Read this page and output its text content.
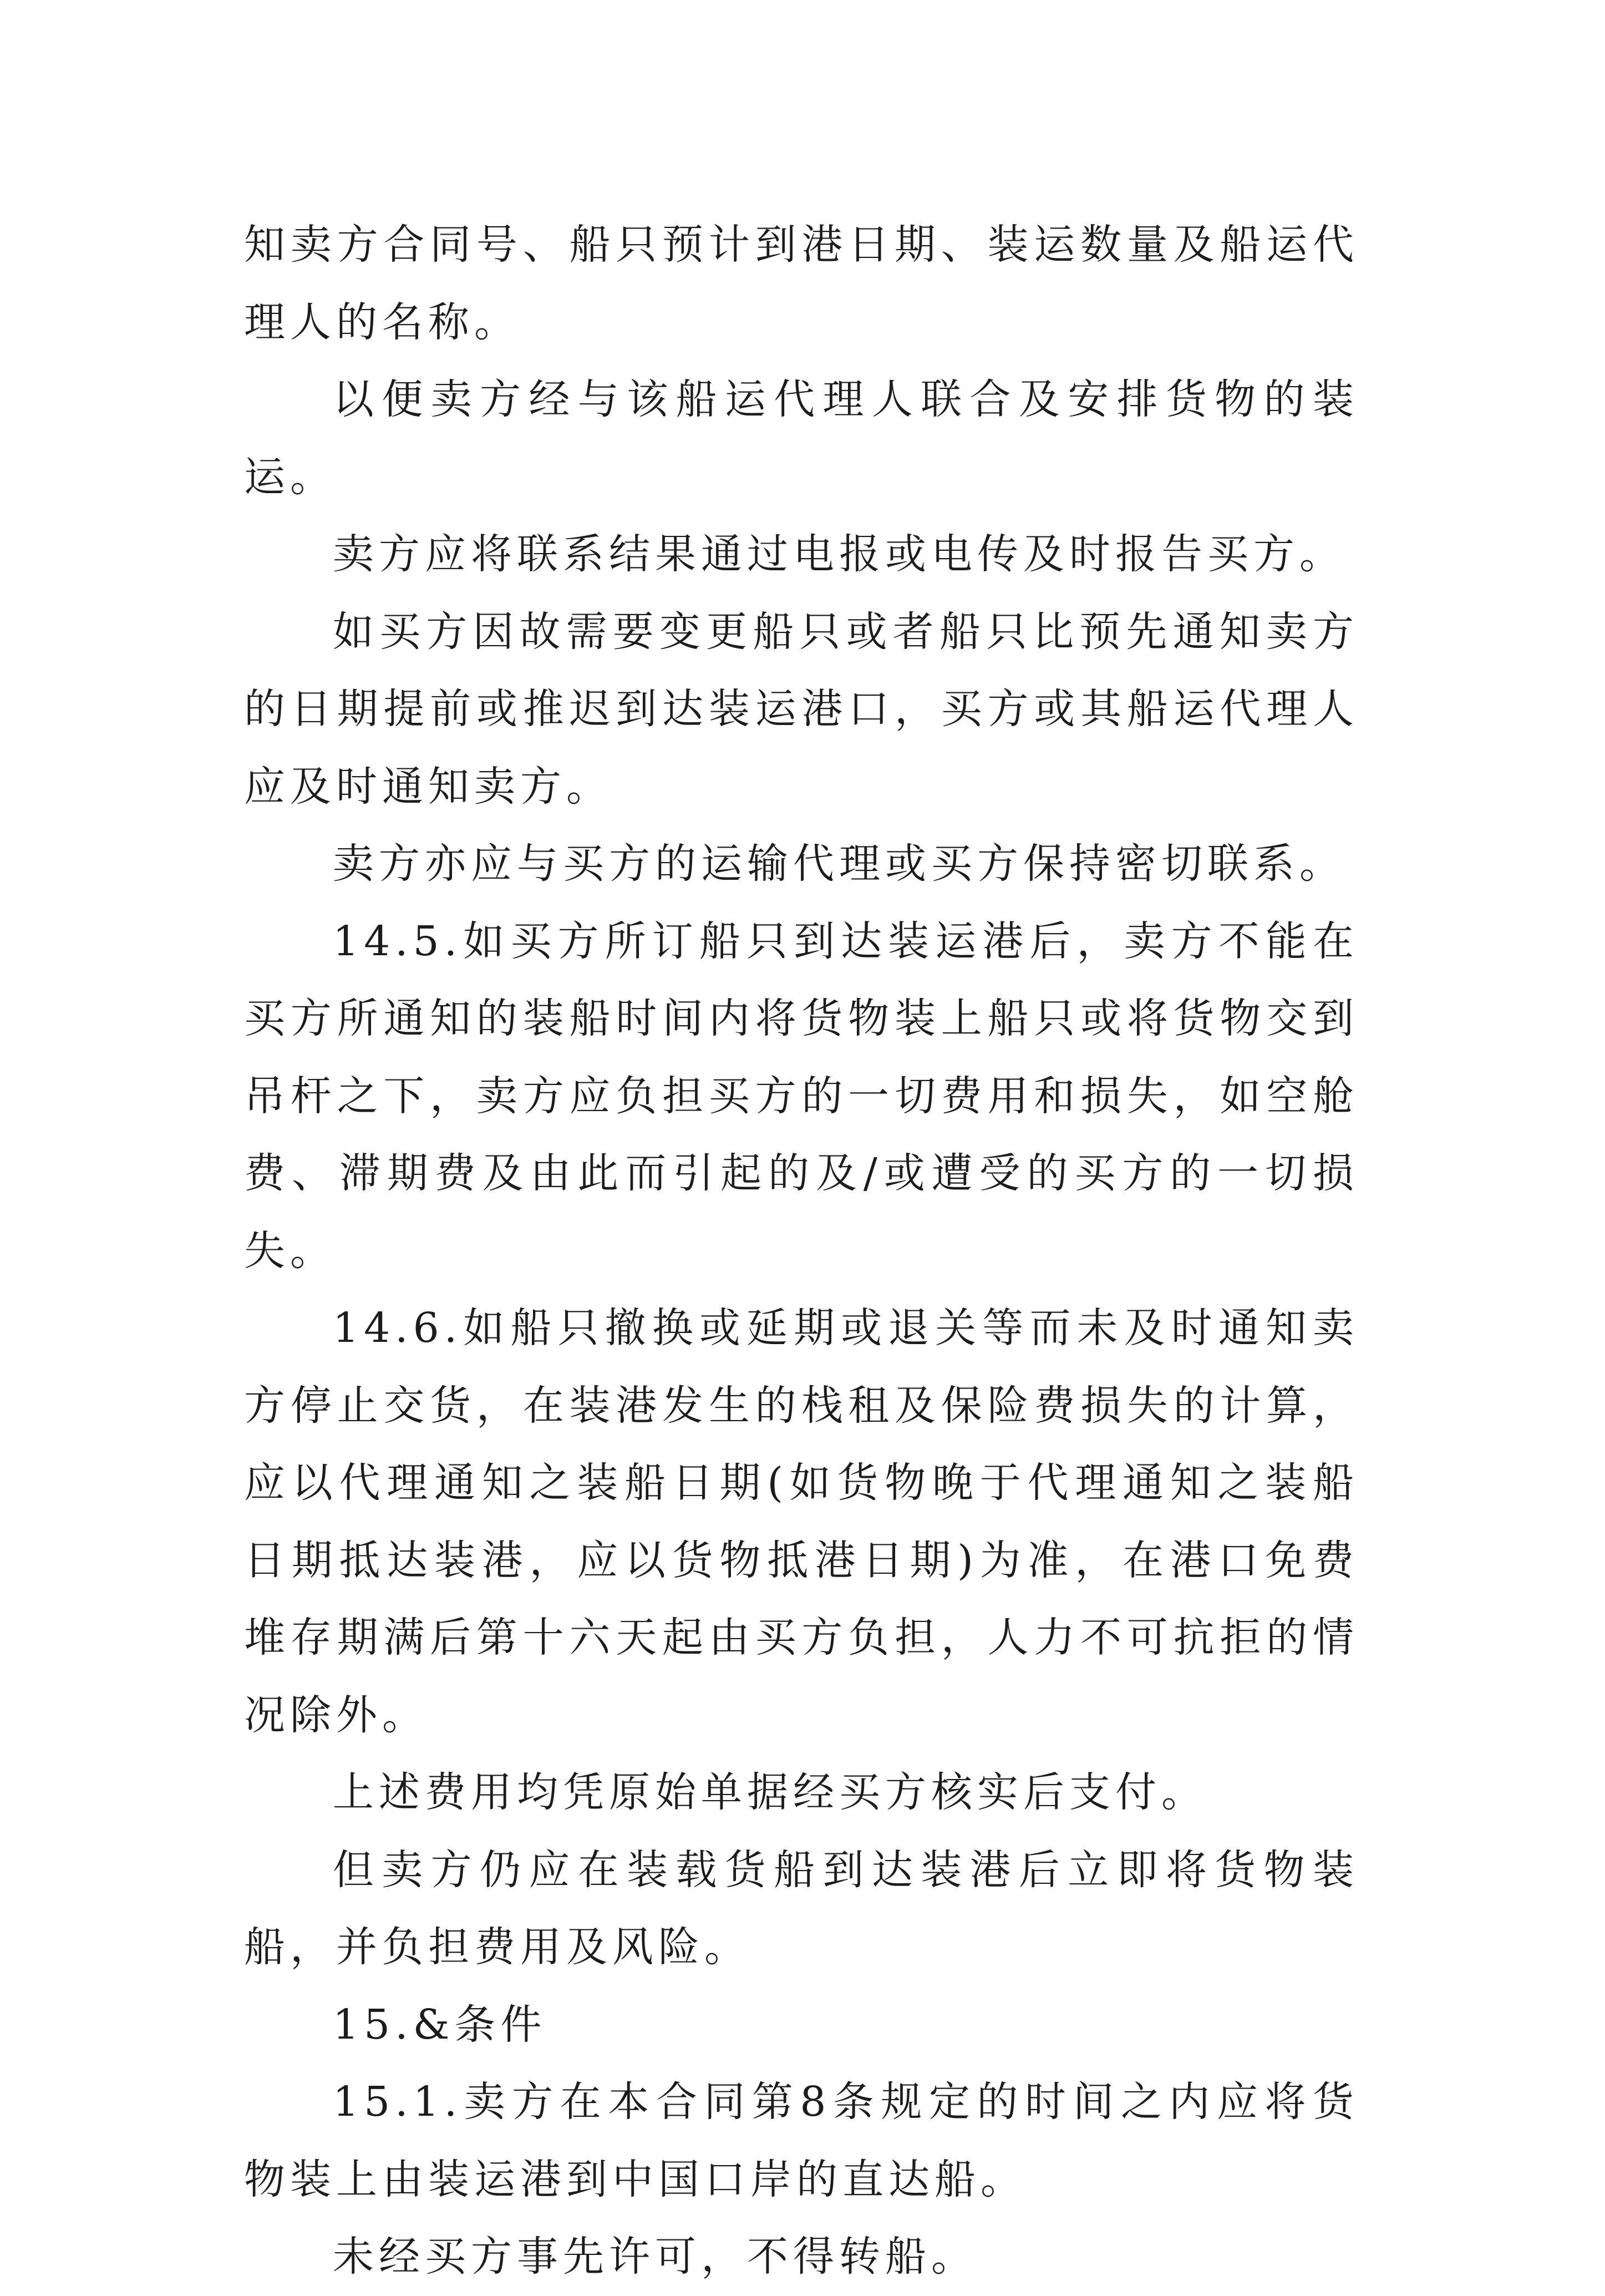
知卖方合同号、船只预计到港日期、装运数量及船运代理人的名称。

以便卖方经与该船运代理人联合及安排货物的装运。

卖方应将联系结果通过电报或电传及时报告买方。

如买方因故需要变更船只或者船只比预先通知卖方的日期提前或推迟到达装运港口，买方或其船运代理人应及时通知卖方。

卖方亦应与买方的运输代理或买方保持密切联系。

14.5.如买方所订船只到达装运港后，卖方不能在买方所通知的装船时间内将货物装上船只或将货物交到吊杆之下，卖方应负担买方的一切费用和损失，如空舱费、滞期费及由此而引起的及/或遭受的买方的一切损失。

14.6.如船只撤换或延期或退关等而未及时通知卖方停止交货，在装港发生的栈租及保险费损失的计算，应以代理通知之装船日期(如货物晚于代理通知之装船日期抵达装港，应以货物抵港日期)为准，在港口免费堆存期满后第十六天起由买方负担，人力不可抗拒的情况除外。

上述费用均凭原始单据经买方核实后支付。

但卖方仍应在装载货船到达装港后立即将货物装船，并负担费用及风险。

15.&条件

15.1.卖方在本合同第8条规定的时间之内应将货物装上由装运港到中国口岸的直达船。

未经买方事先许可，不得转船。
